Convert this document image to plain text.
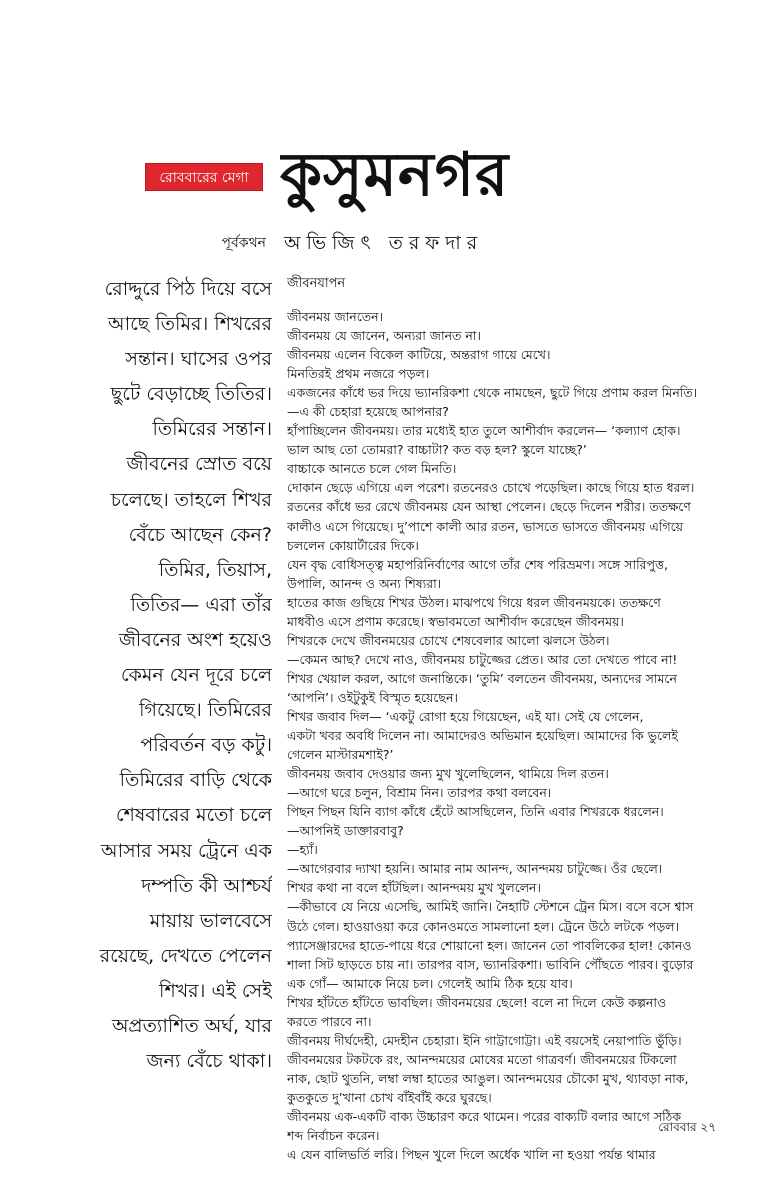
রোববারের মেগা কুসুমনগর
পূর্বকথন অভিজিৎ তরফদার
জীবনযাপন
রোদ্দুরে পিঠ দিয়ে বসে
আছে তিমির। শিখরের
সন্তান। ঘাসের ওপর
ছুটে বেড়াচ্ছে তিতির।
তিমিরের সন্তান।
জীবনের স্রোত বয়ে
চলেছে। তাহলে শিখর
বেঁচে আছেন কেন?
তিমির, তিয়াস,
তিতির— এরা তাঁর
জীবনের অংশ হয়েও
কেমন যেন দূরে চলে
গিয়েছে। তিমিরের
পরিবর্তন বড় কটু।
তিমিরের বাড়ি থেকে
শেষবারের মতো চলে
আসার সময় ট্রেনে এক
দম্পতি কী আশ্চর্য
মায়ায় ভালবেসে
রয়েছে, দেখতে পেলেন
শিখর। এই সেই
অপ্রত্যাশিত অর্ঘ, যার
জন্য বেঁচে থাকা।
জীবনময় জানতেন।
জীবনময় যে জানেন, অন্যরা জানত না।
জীবনময় এলেন বিকেল কাটিয়ে, অন্তরাগ গায়ে মেখে।
মিনতিরই প্রথম নজরে পড়ল।
একজনের কাঁধে ভর দিয়ে ভ্যানরিকশা থেকে নামছেন, ছুটে গিয়ে প্রণাম করল মিনতি।
—এ কী চেহারা হয়েছে আপনার?
হাঁপাচ্ছিলেন জীবনময়। তার মধ্যেই হাত তুলে আশীর্বাদ করলেন— ‘কল্যাণ হোক।
ভাল আছ তো তোমরা? বাচ্চাটা? কত বড় হল? স্কুলে যাচ্ছে?’
বাচ্চাকে আনতে চলে গেল মিনতি।
দোকান ছেড়ে এগিয়ে এল পরেশ। রতনেরও চোখে পড়েছিল। কাছে গিয়ে হাত ধরল।
রতনের কাঁধে ভর রেখে জীবনময় যেন আস্থা পেলেন। ছেড়ে দিলেন শরীর। ততক্ষণে
কালীও এসে গিয়েছে। দু’পাশে কালী আর রতন, ভাসতে ভাসতে জীবনময় এগিয়ে
চললেন কোয়ার্টারের দিকে।
যেন বৃদ্ধ বোধিসত্ত্ব মহাপরিনির্বাণের আগে তাঁর শেষ পরিভ্রমণ। সঙ্গে সারিপুত্ত,
উপালি, আনন্দ ও অন্য শিষ্যরা।
হাতের কাজ গুছিয়ে শিখর উঠল। মাঝপথে গিয়ে ধরল জীবনময়কে। ততক্ষণে
মাধবীও এসে প্রণাম করেছে। স্বভাবমতো আশীর্বাদ করেছেন জীবনময়।
শিখরকে দেখে জীবনময়ের চোখে শেষবেলার আলো ঝলসে উঠল।
—কেমন আছ? দেখে নাও, জীবনময় চাটুজ্জের প্রেত। আর তো দেখতে পাবে না!
শিখর খেয়াল করল, আগে জনান্তিকে। ‘তুমি’ বলতেন জীবনময়, অন্যদের সামনে
‘আপনি’। ওইটুকুই বিস্মৃত হয়েছেন।
শিখর জবাব দিল— ‘একটু রোগা হয়ে গিয়েছেন, এই যা। সেই যে গেলেন,
একটা খবর অবধি দিলেন না। আমাদেরও অভিমান হয়েছিল। আমাদের কি ভুলেই
গেলেন মাস্টারমশাই?’
জীবনময় জবাব দেওয়ার জন্য মুখ খুলেছিলেন, থামিয়ে দিল রতন।
—আগে ঘরে চলুন, বিশ্রাম নিন। তারপর কথা বলবেন।
পিছন পিছন যিনি ব্যাগ কাঁধে হেঁটে আসছিলেন, তিনি এবার শিখরকে ধরলেন।
—আপনিই ডাক্তারবাবু?
—হ্যাঁ।
—আগেরবার দ্যাখা হয়নি। আমার নাম আনন্দ, আনন্দময় চাটুজ্জে। ওঁর ছেলে।
শিখর কথা না বলে হাঁটছিল। আনন্দময় মুখ খুললেন।
—কীভাবে যে নিয়ে এসেছি, আমিই জানি। নৈহাটি স্টেশনে ট্রেন মিস। বসে বসে শ্বাস
উঠে গেল। হাওয়াওয়া করে কোনওমতে সামলানো হল। ট্রেনে উঠে লটকে পড়ল।
প্যাসেঞ্জারদের হাতে-পায়ে ধরে শোয়ানো হল। জানেন তো পাবলিকের হাল! কোনও
শালা সিট ছাড়তে চায় না। তারপর বাস, ভ্যানরিকশা। ভাবিনি পৌঁছতে পারব। বুড়োর
এক গোঁ— আমাকে নিয়ে চল। গেলেই আমি ঠিক হয়ে যাব।
শিখর হাঁটতে হাঁটতে ভাবছিল। জীবনময়ের ছেলে! বলে না দিলে কেউ কল্পনাও
করতে পারবে না।
জীবনময় দীর্ঘদেহী, মেদহীন চেহারা। ইনি গাট্টাগোট্টা। এই বয়সেই নেয়াপাতি ভুঁড়ি।
জীবনময়ের টকটকে রং, আনন্দময়ের মোষের মতো গাত্রবর্ণ। জীবনময়ের টিকলো
নাক, ছোট থুতনি, লম্বা লম্বা হাতের আঙুল। আনন্দময়ের চৌকো মুখ, থ্যাবড়া নাক,
কুতকুতে দু’খানা চোখ বাঁইবাঁই করে ঘুরছে।
জীবনময় এক-একটি বাক্য উচ্চারণ করে থামেন। পরের বাক্যটি বলার আগে সঠিক
শব্দ নির্বাচন করেন।
এ যেন বালিভর্তি লরি। পিছন খুলে দিলে অর্ধেক খালি না হওয়া পর্যন্ত থামার
রোববার ২৭
